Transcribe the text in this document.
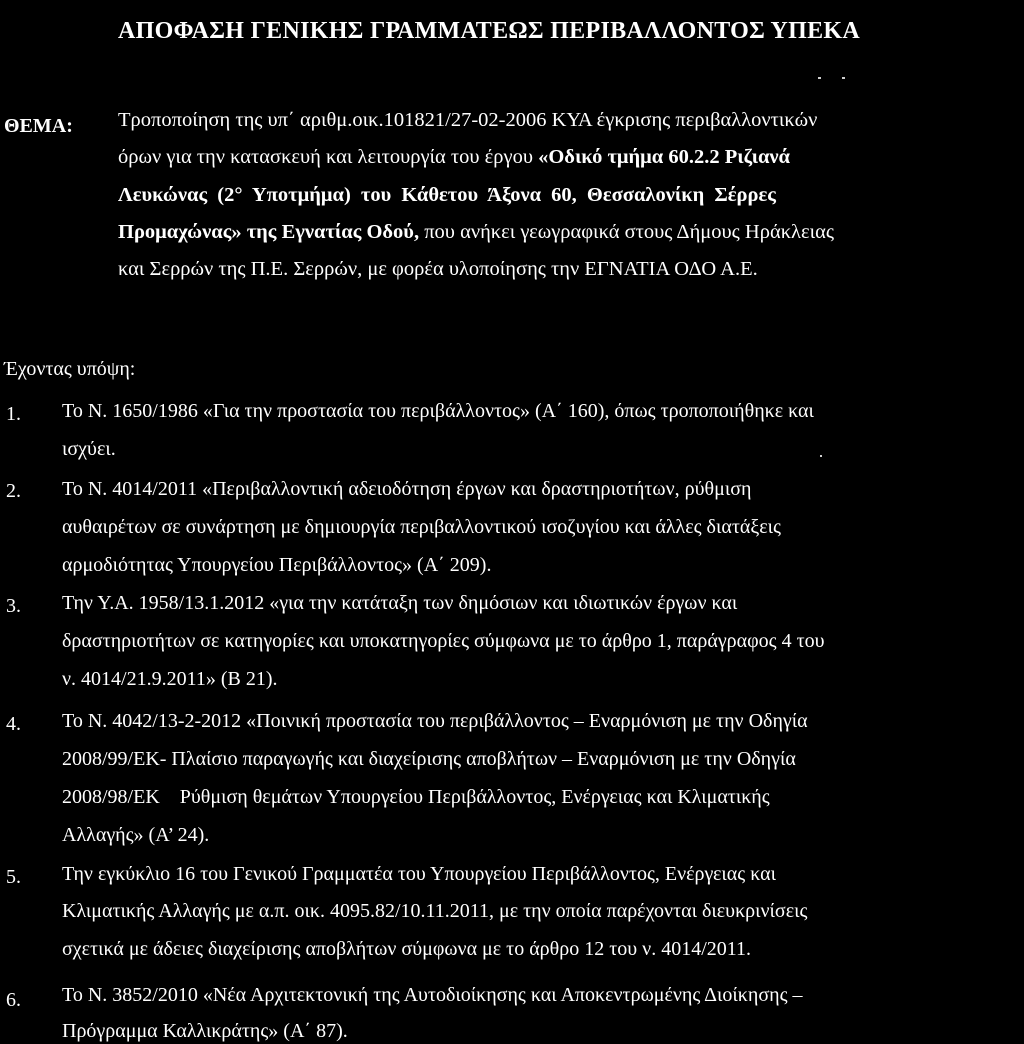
ΑΠΟΦΑΣΗ ΓΕΝΙΚΗΣ ΓΡΑΜΜΑΤΕΩΣ ΠΕΡΙΒΑΛΛΟΝΤΟΣ ΥΠΕΚΑ
ΘΕΜΑ: Τροποποίηση της υπ΄ αριθμ.οικ.101821/27-02-2006 ΚΥΑ έγκρισης περιβαλλοντικών
όρων για την κατασκευή και λειτουργία του έργου «Οδικό τμήμα 60.2.2 Ριζιανά
Λευκώνας (2° Υποτμήμα) του Κάθετου Άξονα 60, Θεσσαλονίκη Σέρρες
Προμαχώνας» της Εγνατίας Οδού, που ανήκει γεωγραφικά στους Δήμους Ηράκλειας
και Σερρών της Π.Ε. Σερρών, με φορέα υλοποίησης την ΕΓΝΑΤΙΑ ΟΔΟ Α.Ε.
Έχοντας υπόψη:
1. Το Ν. 1650/1986 «Για την προστασία του περιβάλλοντος» (Α΄ 160), όπως τροποποιήθηκε και
ισχύει.
2. Το Ν. 4014/2011 «Περιβαλλοντική αδειοδότηση έργων και δραστηριοτήτων, ρύθμιση
αυθαιρέτων σε συνάρτηση με δημιουργία περιβαλλοντικού ισοζυγίου και άλλες διατάξεις
αρμοδιότητας Υπουργείου Περιβάλλοντος» (Α΄ 209).
3. Την Υ.Α. 1958/13.1.2012 «για την κατάταξη των δημόσιων και ιδιωτικών έργων και
δραστηριοτήτων σε κατηγορίες και υποκατηγορίες σύμφωνα με το άρθρο 1, παράγραφος 4 του
ν. 4014/21.9.2011» (Β 21).
4. Το Ν. 4042/13-2-2012 «Ποινική προστασία του περιβάλλοντος – Εναρμόνιση με την Οδηγία
2008/99/ΕΚ- Πλαίσιο παραγωγής και διαχείρισης αποβλήτων – Εναρμόνιση με την Οδηγία
2008/98/ΕΚ    Ρύθμιση θεμάτων Υπουργείου Περιβάλλοντος, Ενέργειας και Κλιματικής
Αλλαγής» (Α’ 24).
5. Την εγκύκλιο 16 του Γενικού Γραμματέα του Υπουργείου Περιβάλλοντος, Ενέργειας και
Κλιματικής Αλλαγής με α.π. οικ. 4095.82/10.11.2011, με την οποία παρέχονται διευκρινίσεις
σχετικά με άδειες διαχείρισης αποβλήτων σύμφωνα με το άρθρο 12 του ν. 4014/2011.
6. Το Ν. 3852/2010 «Νέα Αρχιτεκτονική της Αυτοδιοίκησης και Αποκεντρωμένης Διοίκησης –
Πρόγραμμα Καλλικράτης» (Α΄ 87).
